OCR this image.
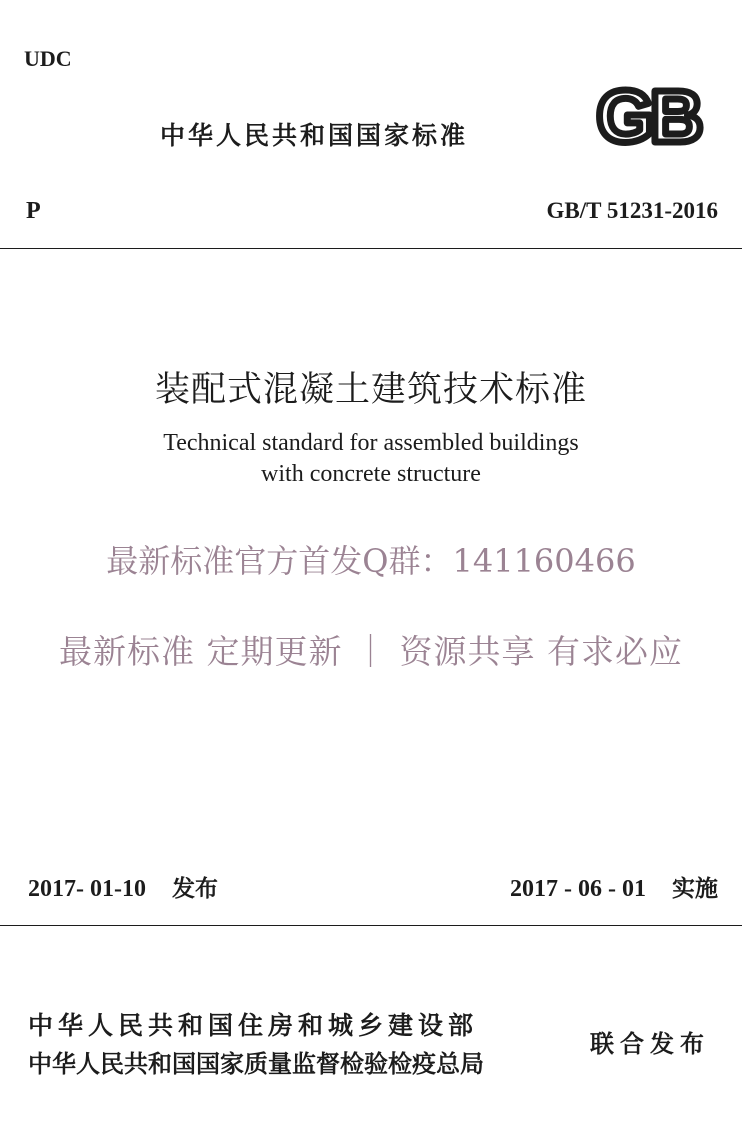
UDC
中华人民共和国国家标准 GB
P	GB/T 51231-2016
装配式混凝土建筑技术标准
Technical standard for assembled buildings
with concrete structure
最新标准官方首发Q群：141160466
最新标准 定期更新 ｜ 资源共享 有求必应
2017- 01-10 发布	2017 - 06 - 01 实施
中华人民共和国住房和城乡建设部
中华人民共和国国家质量监督检验检疫总局
联合发布
